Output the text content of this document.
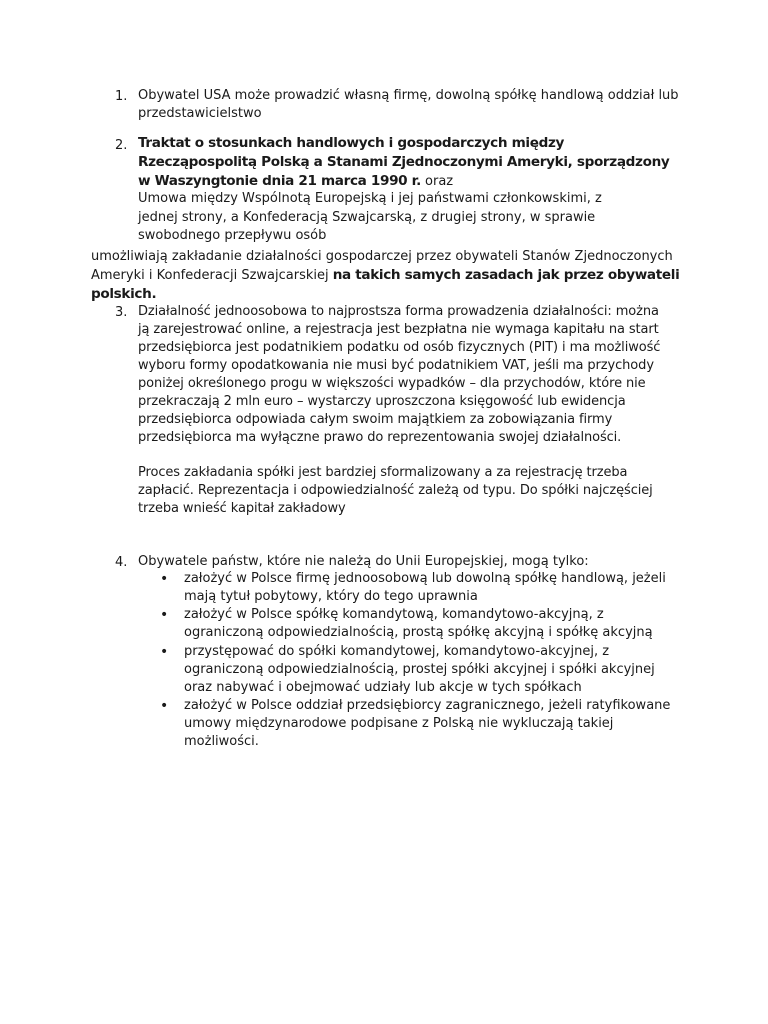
1. Obywatel USA może prowadzić własną firmę, dowolną spółkę handlową oddział lub przedstawicielstwo
2. Traktat o stosunkach handlowych i gospodarczych między Rzecząpospolitą Polską a Stanami Zjednoczonymi Ameryki, sporządzony w Waszyngtonie dnia 21 marca 1990 r. oraz
Umowa między Wspólnotą Europejską i jej państwami członkowskimi, z jednej strony, a Konfederacją Szwajcarską, z drugiej strony, w sprawie swobodnego przepływu osób
umożliwiają zakładanie działalności gospodarczej przez obywateli Stanów Zjednoczonych Ameryki i Konfederacji Szwajcarskiej na takich samych zasadach jak przez obywateli polskich.
3. Działalność jednoosobowa to najprostsza forma prowadzenia działalności: można ją zarejestrować online, a rejestracja jest bezpłatna nie wymaga kapitału na start przedsiębiorca jest podatnikiem podatku od osób fizycznych (PIT) i ma możliwość wyboru formy opodatkowania nie musi być podatnikiem VAT, jeśli ma przychody poniżej określonego progu w większości wypadków – dla przychodów, które nie przekraczają 2 mln euro – wystarczy uproszczona księgowość lub ewidencja przedsiębiorca odpowiada całym swoim majątkiem za zobowiązania firmy przedsiębiorca ma wyłączne prawo do reprezentowania swojej działalności.
Proces zakładania spółki jest bardziej sformalizowany a za rejestrację trzeba zapłacić. Reprezentacja i odpowiedzialność zależą od typu. Do spółki najczęściej trzeba wnieść kapitał zakładowy
4. Obywatele państw, które nie należą do Unii Europejskiej, mogą tylko:
• założyć w Polsce firmę jednoosobową lub dowolną spółkę handlową, jeżeli mają tytuł pobytowy, który do tego uprawnia
• założyć w Polsce spółkę komandytową, komandytowo-akcyjną, z ograniczoną odpowiedzialnością, prostą spółkę akcyjną i spółkę akcyjną
• przystępować do spółki komandytowej, komandytowo-akcyjnej, z ograniczoną odpowiedzialnością, prostej spółki akcyjnej i spółki akcyjnej oraz nabywać i obejmować udziały lub akcje w tych spółkach
• założyć w Polsce oddział przedsiębiorcy zagranicznego, jeżeli ratyfikowane umowy międzynarodowe podpisane z Polską nie wykluczają takiej możliwości.
